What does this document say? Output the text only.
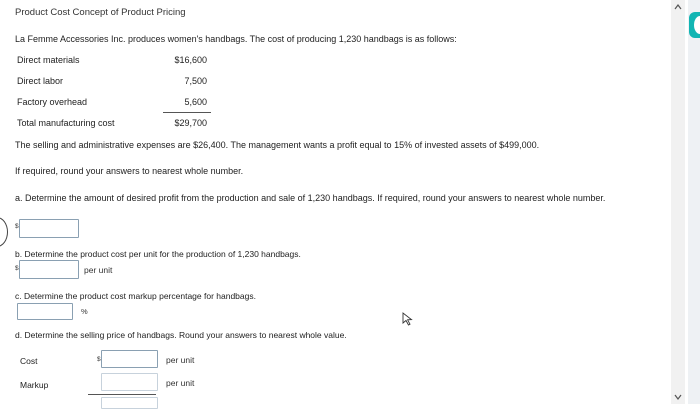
Product Cost Concept of Product Pricing
La Femme Accessories Inc. produces women's handbags. The cost of producing 1,230 handbags is as follows:
Direct materials	$16,600
Direct labor	7,500
Factory overhead	5,600
Total manufacturing cost	$29,700
The selling and administrative expenses are $26,400. The management wants a profit equal to 15% of invested assets of $499,000.
If required, round your answers to nearest whole number.
a. Determine the amount of desired profit from the production and sale of 1,230 handbags. If required, round your answers to nearest whole number.
$
b. Determine the product cost per unit for the production of 1,230 handbags.
$	per unit
c. Determine the product cost markup percentage for handbags.
%
d. Determine the selling price of handbags. Round your answers to nearest whole value.
Cost	$	per unit
Markup	per unit
